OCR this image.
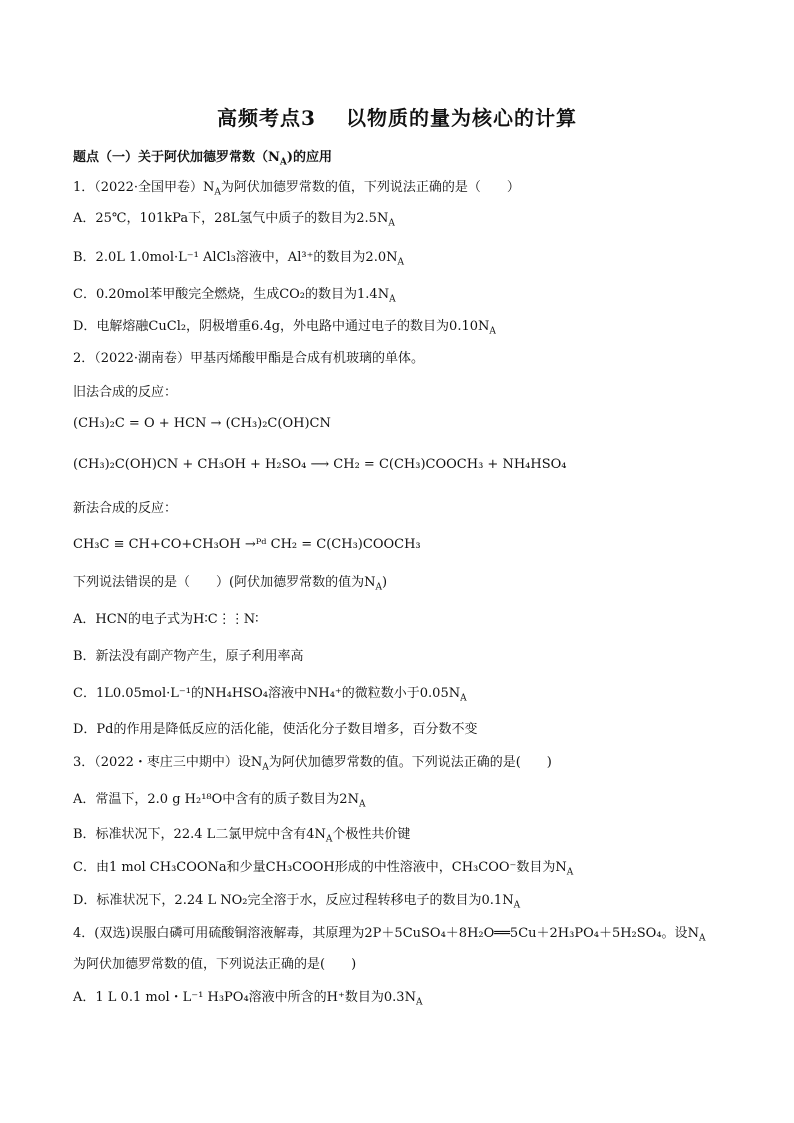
高频考点3 以物质的量为核心的计算
题点（一）关于阿伏加德罗常数$(N_A)$的应用
1．（2022·全国甲卷）$N_A$为阿伏加德罗常数的值，下列说法正确的是（　　）
A．25℃，101kPa下，28L氢气中质子的数目为$2.5N_A$
B．2.0L 1.0mol·L⁻¹ AlCl₃溶液中，Al³⁺的数目为$2.0N_A$
C．0.20mol苯甲酸完全燃烧，生成CO₂的数目为$1.4N_A$
D．电解熔融CuCl₂，阴极增重6.4g，外电路中通过电子的数目为$0.10N_A$
2．（2022·湖南卷）甲基丙烯酸甲酯是合成有机玻璃的单体。
旧法合成的反应：
(CH₃)₂C = O + HCN → (CH₃)₂C(OH)CN
(CH₃)₂C(OH)CN + CH₃OH + H₂SO₄ ⟶ CH₂ = C(CH₃)COOCH₃ + NH₄HSO₄
新法合成的反应：
CH₃C ≡ CH+CO+CH₃OH →ᴾᵈ CH₂ = C(CH₃)COOCH₃
下列说法错误的是（　　）(阿伏加德罗常数的值为$N_A$)
A．HCN的电子式为H∶C⋮⋮N∶
B．新法没有副产物产生，原子利用率高
C．1L0.05mol·L⁻¹的NH₄HSO₄溶液中NH₄⁺的微粒数小于$0.05N_A$
D．Pd的作用是降低反应的活化能，使活化分子数目增多，百分数不变
3．（2022・枣庄三中期中）设$N_A$为阿伏加德罗常数的值。下列说法正确的是(　　)
A．常温下，2.0 g H₂¹⁸O中含有的质子数目为$2N_A$
B．标准状况下，22.4 L二氯甲烷中含有$4N_A$个极性共价键
C．由1 mol CH₃COONa和少量CH₃COOH形成的中性溶液中，CH₃COO⁻数目为$N_A$
D．标准状况下，2.24 L NO₂完全溶于水，反应过程转移电子的数目为$0.1N_A$
4．(双选)误服白磷可用硫酸铜溶液解毒，其原理为2P＋5CuSO₄＋8H₂O══5Cu＋2H₃PO₄＋5H₂SO₄。设$N_A$
为阿伏加德罗常数的值，下列说法正确的是(　　)
A．1 L 0.1 mol・L⁻¹ H₃PO₄溶液中所含的H⁺数目为$0.3N_A$
